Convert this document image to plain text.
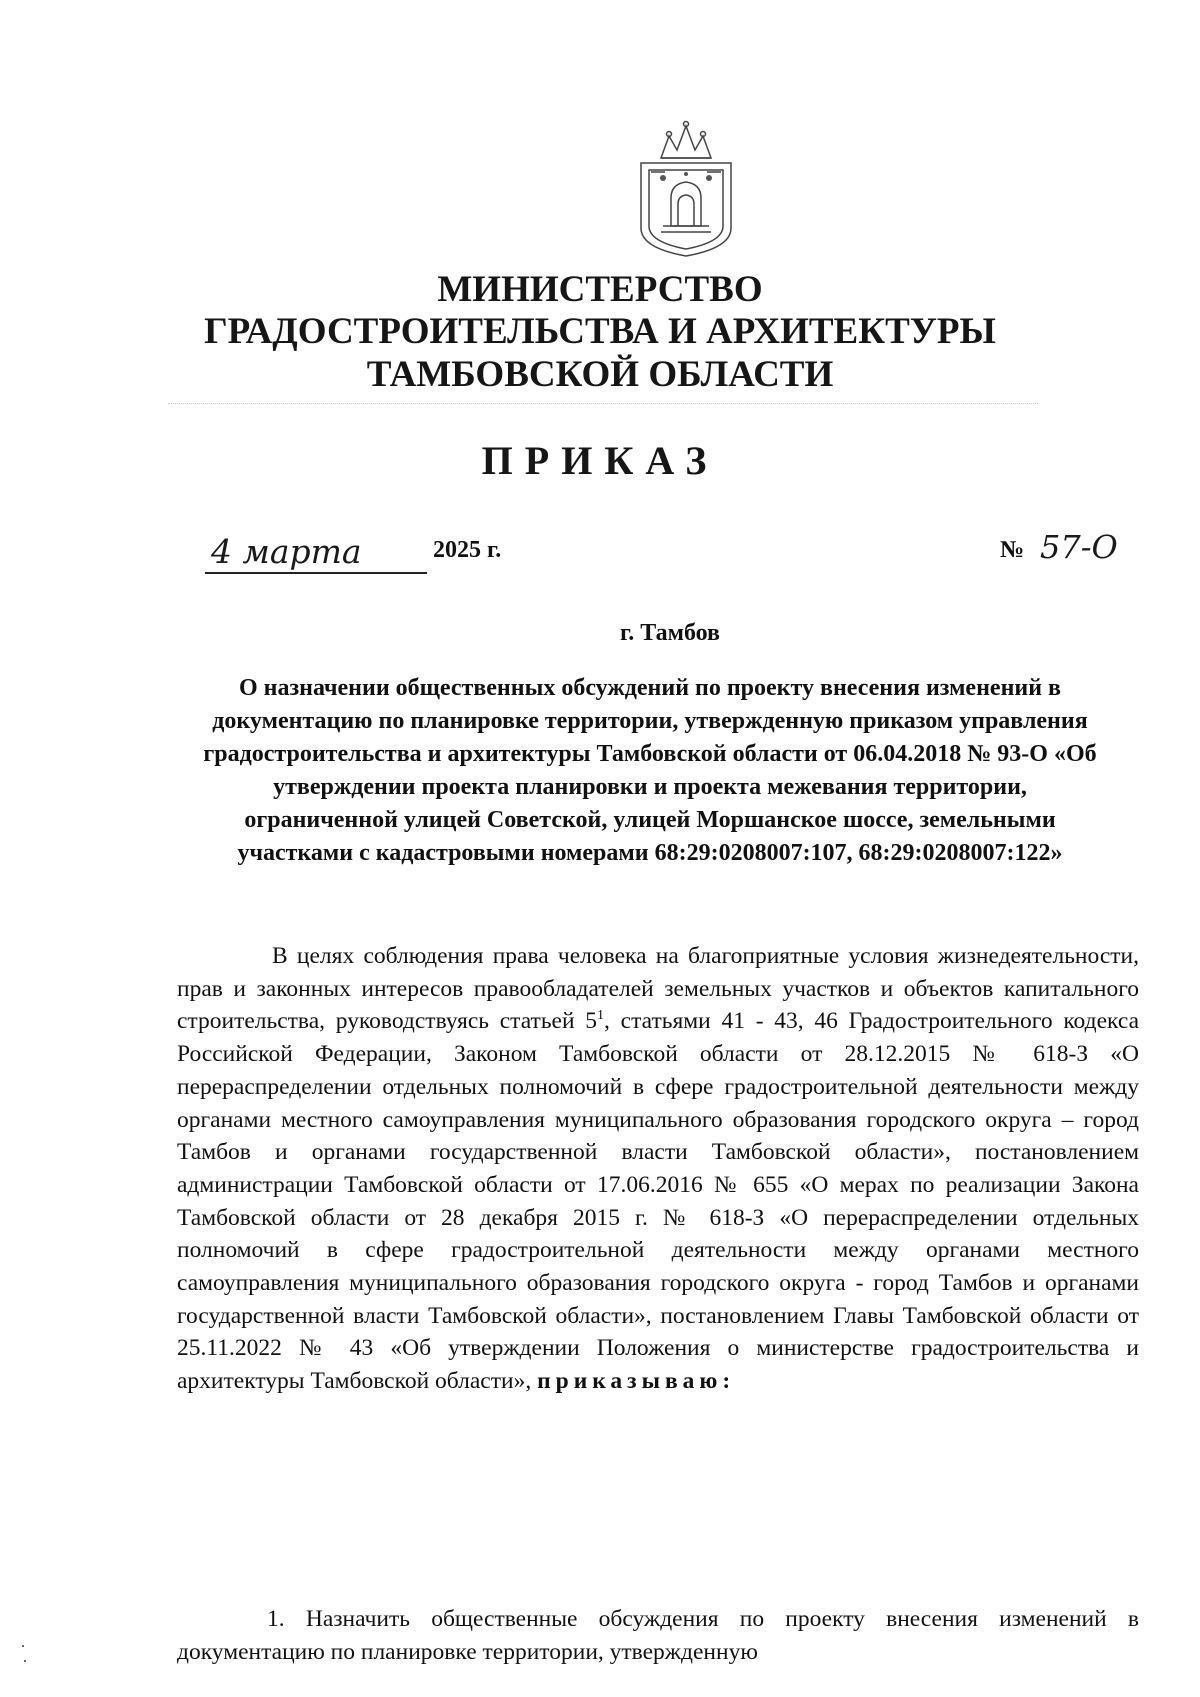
МИНИСТЕРСТВО
ГРАДОСТРОИТЕЛЬСТВА И АРХИТЕКТУРЫ
ТАМБОВСКОЙ ОБЛАСТИ
ПРИКАЗ
4 марта	2025 г.	№ 57-О
г. Тамбов

О назначении общественных обсуждений по проекту внесения изменений в документацию по планировке территории, утвержденную приказом управления градостроительства и архитектуры Тамбовской области от 06.04.2018 № 93-О «Об утверждении проекта планировки и проекта межевания территории, ограниченной улицей Советской, улицей Моршанское шоссе, земельными участками с кадастровыми номерами 68:29:0208007:107, 68:29:0208007:122»

В целях соблюдения права человека на благоприятные условия жизнедеятельности, прав и законных интересов правообладателей земельных участков и объектов капитального строительства, руководствуясь статьей $5^1$, статьями 41 - 43, 46 Градостроительного кодекса Российской Федерации, Законом Тамбовской области от 28.12.2015 № 618-З «О перераспределении отдельных полномочий в сфере градостроительной деятельности между органами местного самоуправления муниципального образования городского округа – город Тамбов и органами государственной власти Тамбовской области», постановлением администрации Тамбовской области от 17.06.2016 № 655 «О мерах по реализации Закона Тамбовской области от 28 декабря 2015 г. № 618-З «О перераспределении отдельных полномочий в сфере градостроительной деятельности между органами местного самоуправления муниципального образования городского округа - город Тамбов и органами государственной власти Тамбовской области», постановлением Главы Тамбовской области от 25.11.2022 № 43 «Об утверждении Положения о министерстве градостроительства и архитектуры Тамбовской области», приказываю:

1. Назначить общественные обсуждения по проекту внесения изменений в документацию по планировке территории, утвержденную
